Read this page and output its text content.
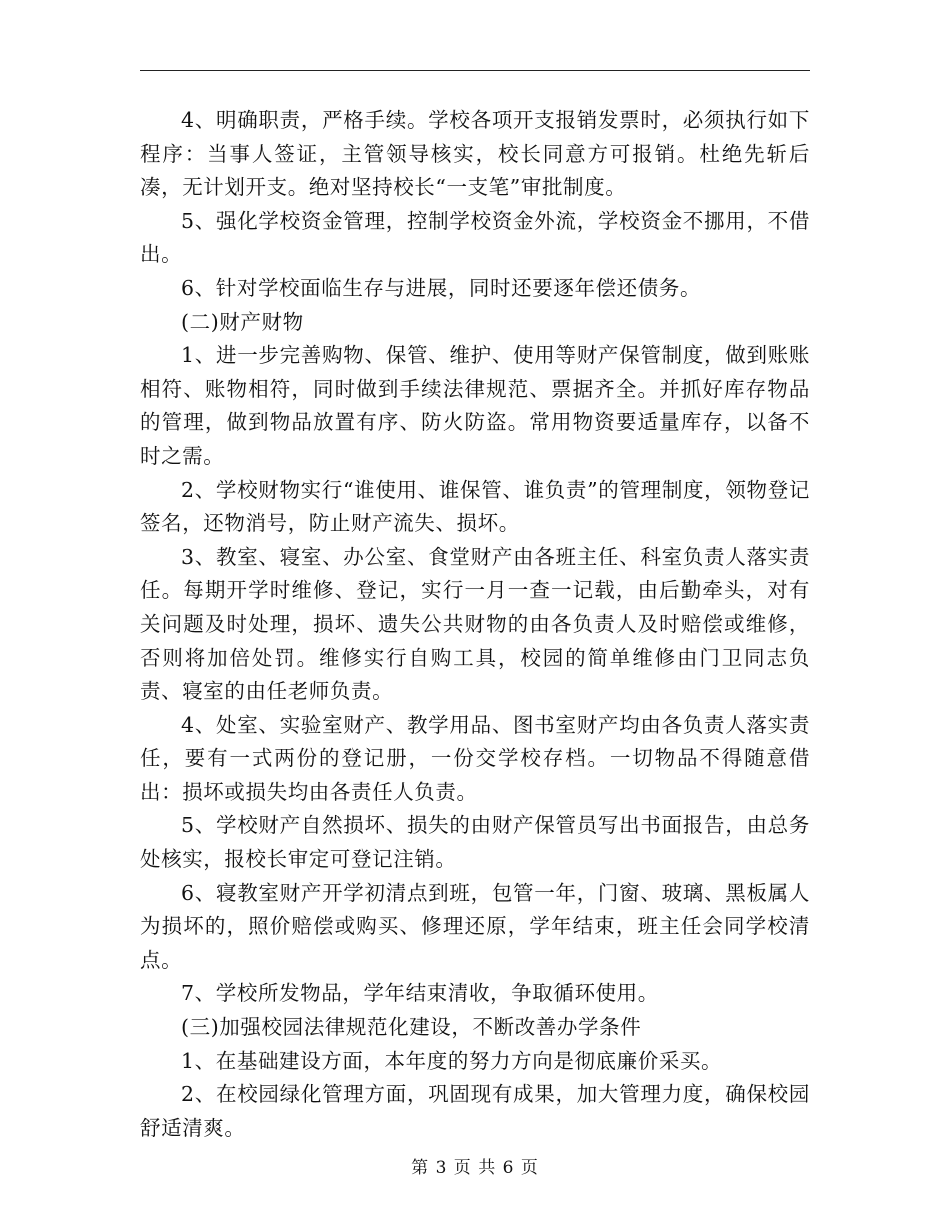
4、明确职责，严格手续。学校各项开支报销发票时，必须执行如下程序：当事人签证，主管领导核实，校长同意方可报销。杜绝先斩后凑，无计划开支。绝对坚持校长“一支笔”审批制度。

5、强化学校资金管理，控制学校资金外流，学校资金不挪用，不借出。

6、针对学校面临生存与进展，同时还要逐年偿还债务。

(二)财产财物

1、进一步完善购物、保管、维护、使用等财产保管制度，做到账账相符、账物相符，同时做到手续法律规范、票据齐全。并抓好库存物品的管理，做到物品放置有序、防火防盗。常用物资要适量库存，以备不时之需。

2、学校财物实行“谁使用、谁保管、谁负责”的管理制度，领物登记签名，还物消号，防止财产流失、损坏。

3、教室、寝室、办公室、食堂财产由各班主任、科室负责人落实责任。每期开学时维修、登记，实行一月一查一记载，由后勤牵头，对有关问题及时处理，损坏、遗失公共财物的由各负责人及时赔偿或维修，否则将加倍处罚。维修实行自购工具，校园的简单维修由门卫同志负责、寝室的由任老师负责。

4、处室、实验室财产、教学用品、图书室财产均由各负责人落实责任，要有一式两份的登记册，一份交学校存档。一切物品不得随意借出：损坏或损失均由各责任人负责。

5、学校财产自然损坏、损失的由财产保管员写出书面报告，由总务处核实，报校长审定可登记注销。

6、寝教室财产开学初清点到班，包管一年，门窗、玻璃、黑板属人为损坏的，照价赔偿或购买、修理还原，学年结束，班主任会同学校清点。

7、学校所发物品，学年结束清收，争取循环使用。

(三)加强校园法律规范化建设，不断改善办学条件

1、在基础建设方面，本年度的努力方向是彻底廉价采买。

2、在校园绿化管理方面，巩固现有成果，加大管理力度，确保校园舒适清爽。

第 3 页 共 6 页
